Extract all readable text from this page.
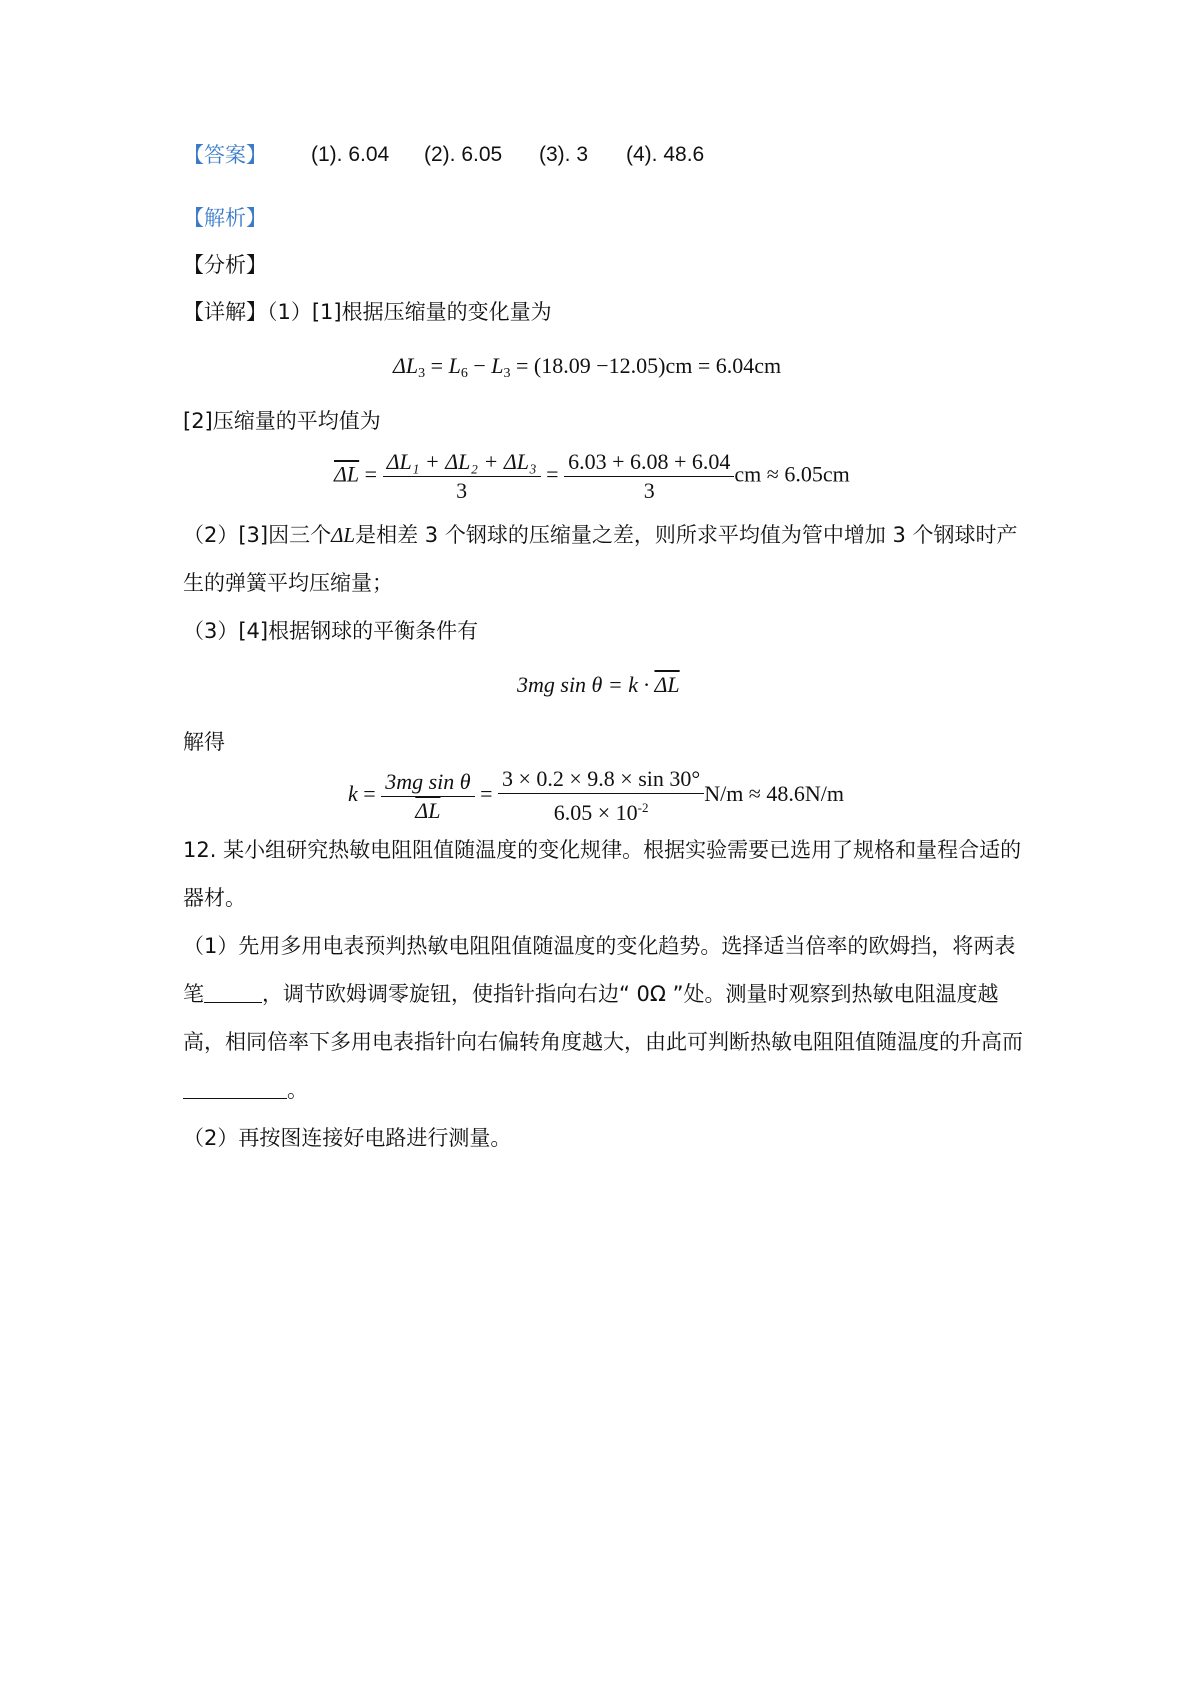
【答案】 (1). 6.04 (2). 6.05 (3). 3 (4). 48.6
【解析】
【分析】
【详解】（1）[1]根据压缩量的变化量为
$\Delta L_3 = L_6 - L_3 = (18.09 -12.05)cm = 6.04cm$
[2]压缩量的平均值为
$\overline{\Delta L} = \frac{\text{ΔL₁ + ΔL₂ + ΔL₃}}{3} = \frac{6.03 + 6.08 + 6.04}{3}$ cm ≈ 6.05cm
（2）[3]因三个ΔL是相差 3 个钢球的压缩量之差，则所求平均值为管中增加 3 个钢球时产
生的弹簧平均压缩量；
（3）[4]根据钢球的平衡条件有
3mg $\sin \theta = k \cdot \overline{\Delta L}$
解得
$k = \frac{\text{3mg sin θ}}{\Delta L} = \frac{3 \times 0.2 \times 9.8 \times \sin 30^\circ}{6.05 \times 10^{-2}} N/m \approx 48.6N/m$
12. 某小组研究热敏电阻阻值随温度的变化规律。根据实验需要已选用了规格和量程合适的
器材。
（1）先用多用电表预判热敏电阻阻值随温度的变化趋势。选择适当倍率的欧姆挡，将两表
笔	，调节欧姆调零旋钮，使指针指向右边“ 0Ω ”处。测量时观察到热敏电阻温度越
高，相同倍率下多用电表指针向右偏转角度越大，由此可判断热敏电阻阻值随温度的升高而
。
（2）再按图连接好电路进行测量。
